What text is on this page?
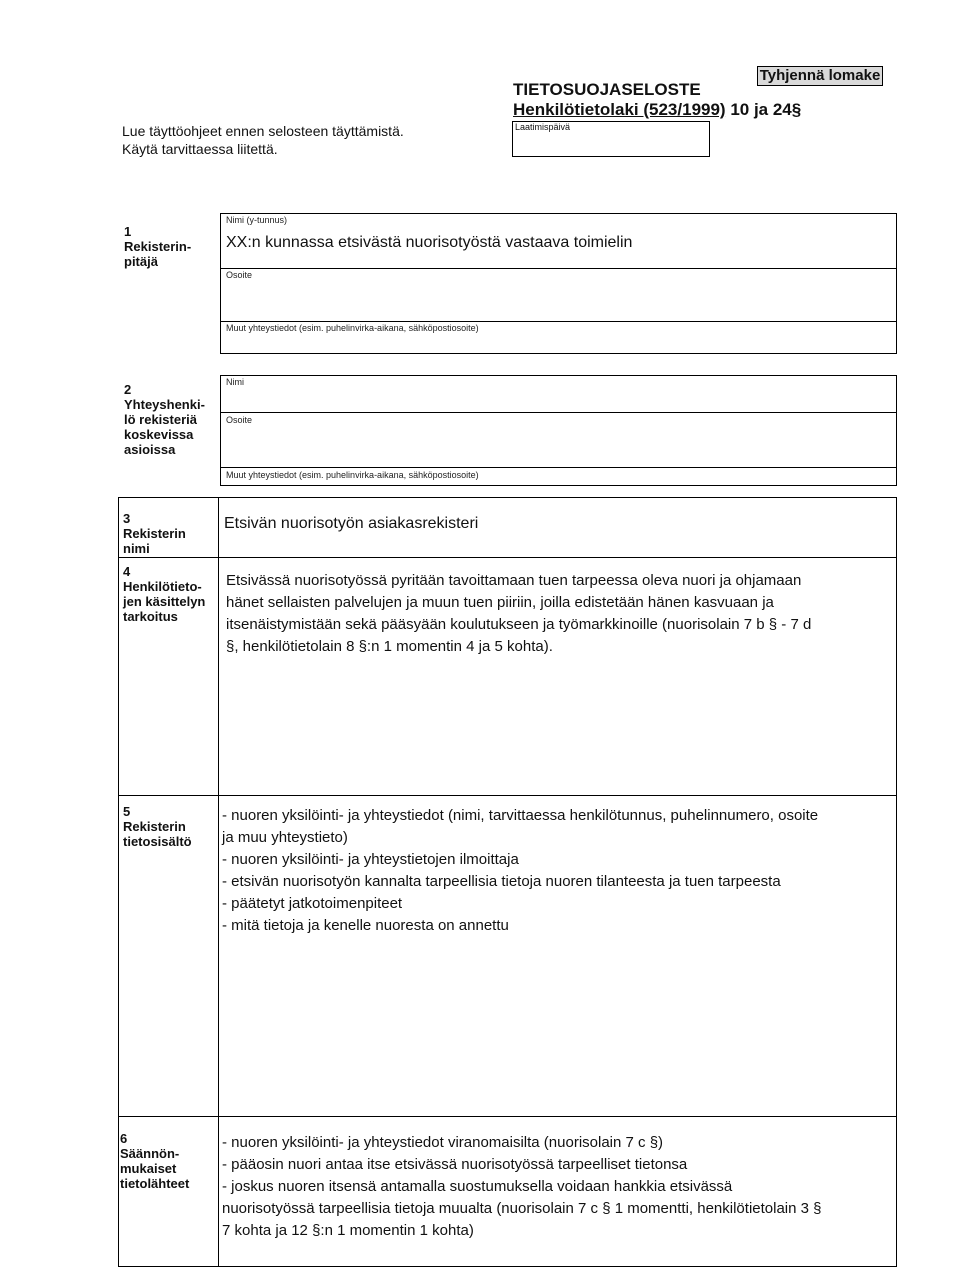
Lue täyttöohjeet ennen selosteen täyttämistä.
Käytä tarvittaessa liitettä.
TIETOSUOJASELOSTE
Henkilötietolaki (523/1999) 10 ja 24§
Laatimispäivä
Tyhjennä lomake
1
Rekisterin-
pitäjä
Nimi (y-tunnus)
XX:n kunnassa etsivästä nuorisotyöstä vastaava toimielin
Osoite
Muut yhteystiedot (esim. puhelinvirka-aikana, sähköpostiosoite)
2
Yhteyshenki-
lö rekisteriä
koskevissa
asioissa
Nimi
Osoite
Muut yhteystiedot (esim. puhelinvirka-aikana, sähköpostiosoite)
3
Rekisterin
nimi
Etsivän nuorisotyön asiakasrekisteri
4
Henkilötieto-
jen käsittelyn
tarkoitus
Etsivässä nuorisotyössä pyritään tavoittamaan tuen tarpeessa oleva nuori ja ohjamaan
hänet sellaisten palvelujen ja muun tuen piiriin, joilla edistetään hänen kasvuaan ja
itsenäistymistään sekä pääsyään koulutukseen ja työmarkkinoille (nuorisolain 7 b § - 7 d
§, henkilötietolain 8 §:n 1 momentin 4 ja 5 kohta).
5
Rekisterin
tietosisältö
- nuoren yksilöinti- ja yhteystiedot (nimi, tarvittaessa henkilötunnus, puhelinnumero, osoite
ja muu yhteystieto)
- nuoren yksilöinti- ja yhteystietojen ilmoittaja
- etsivän nuorisotyön kannalta tarpeellisia tietoja nuoren tilanteesta ja tuen tarpeesta
- päätetyt jatkotoimenpiteet
- mitä tietoja ja kenelle nuoresta on annettu
6
Säännön-
mukaiset
tietolähteet
- nuoren yksilöinti- ja yhteystiedot viranomaisilta (nuorisolain 7 c §)
- pääosin nuori antaa itse etsivässä nuorisotyössä tarpeelliset tietonsa
- joskus nuoren itsensä antamalla suostumuksella voidaan hankkia etsivässä
nuorisotyössä tarpeellisia tietoja muualta (nuorisolain 7 c § 1 momentti, henkilötietolain 3 §
7 kohta ja 12 §:n 1 momentin 1 kohta)
